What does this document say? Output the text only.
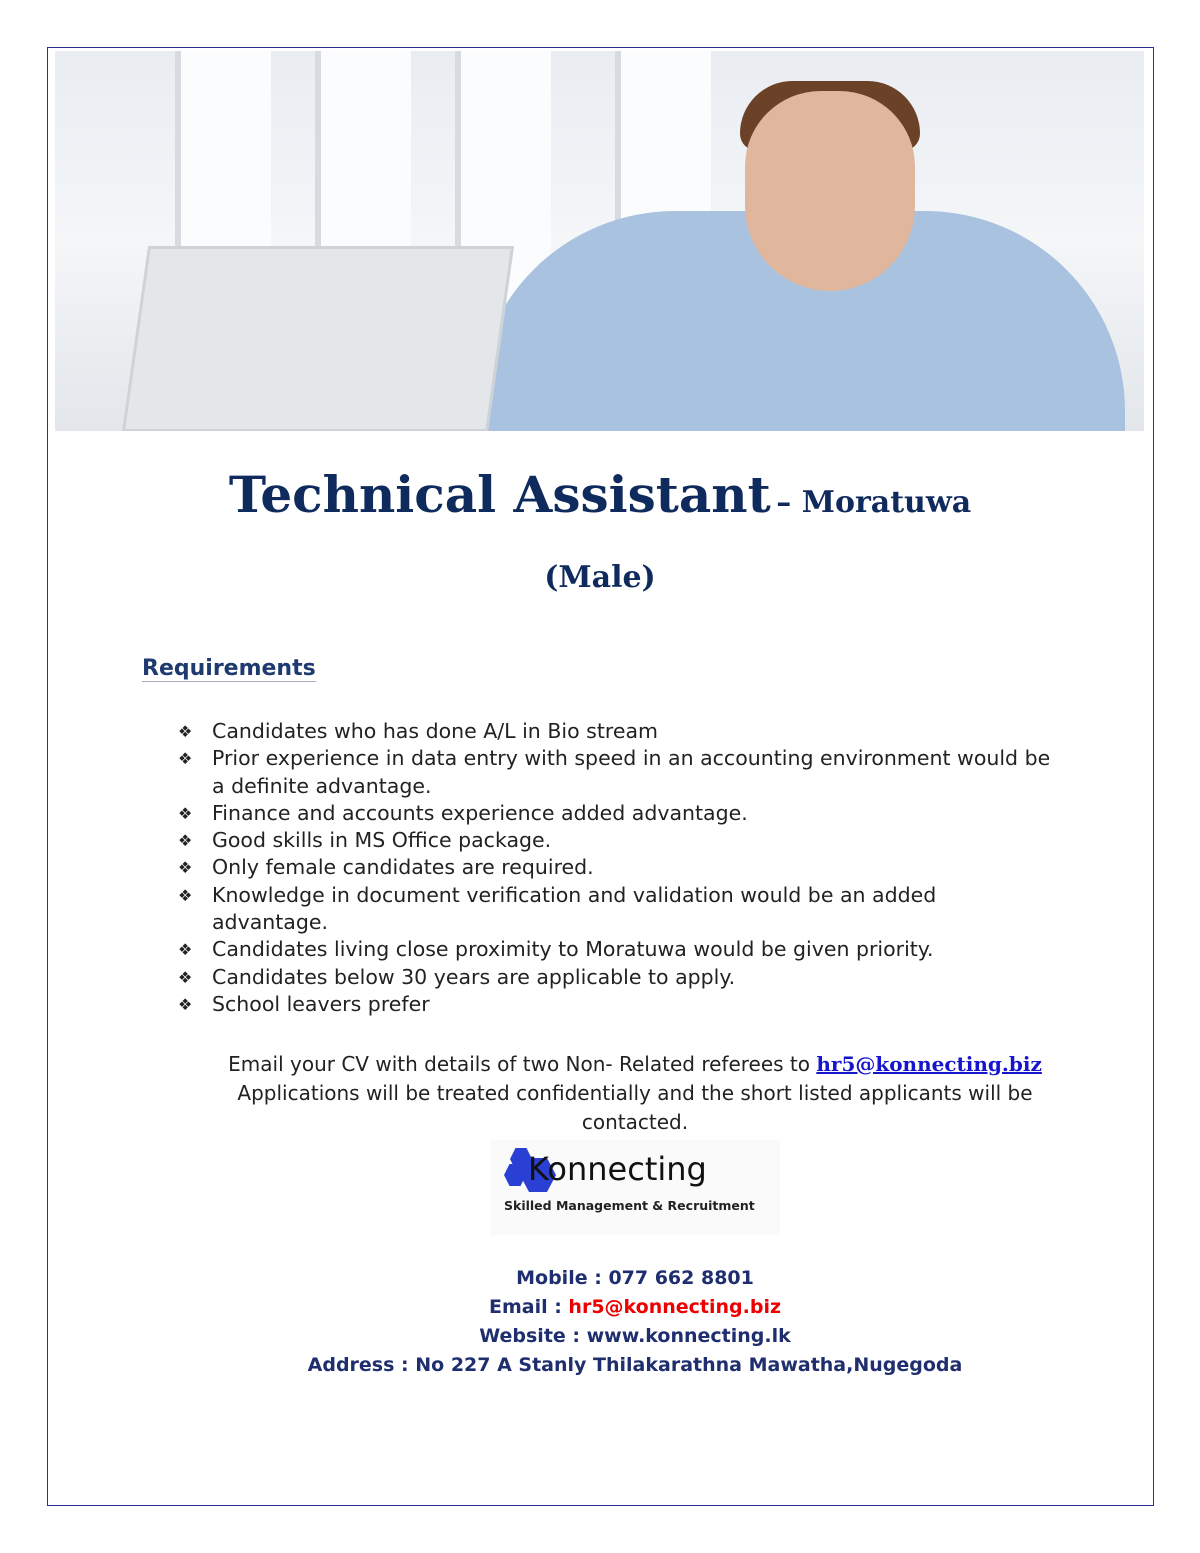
Technical Assistant – Moratuwa
(Male)
Requirements
❖ Candidates who has done A/L in Bio stream
❖ Prior experience in data entry with speed in an accounting environment would be a definite advantage.
❖ Finance and accounts experience added advantage.
❖ Good skills in MS Office package.
❖ Only female candidates are required.
❖ Knowledge in document verification and validation would be an added advantage.
❖ Candidates living close proximity to Moratuwa would be given priority.
❖ Candidates below 30 years are applicable to apply.
❖ School leavers prefer
Email your CV with details of two Non- Related referees to hr5@konnecting.biz
Applications will be treated confidentially and the short listed applicants will be contacted.
Konnecting
Skilled Management & Recruitment
Mobile : 077 662 8801
Email : hr5@konnecting.biz
Website : www.konnecting.lk
Address : No 227 A Stanly Thilakarathna Mawatha,Nugegoda
